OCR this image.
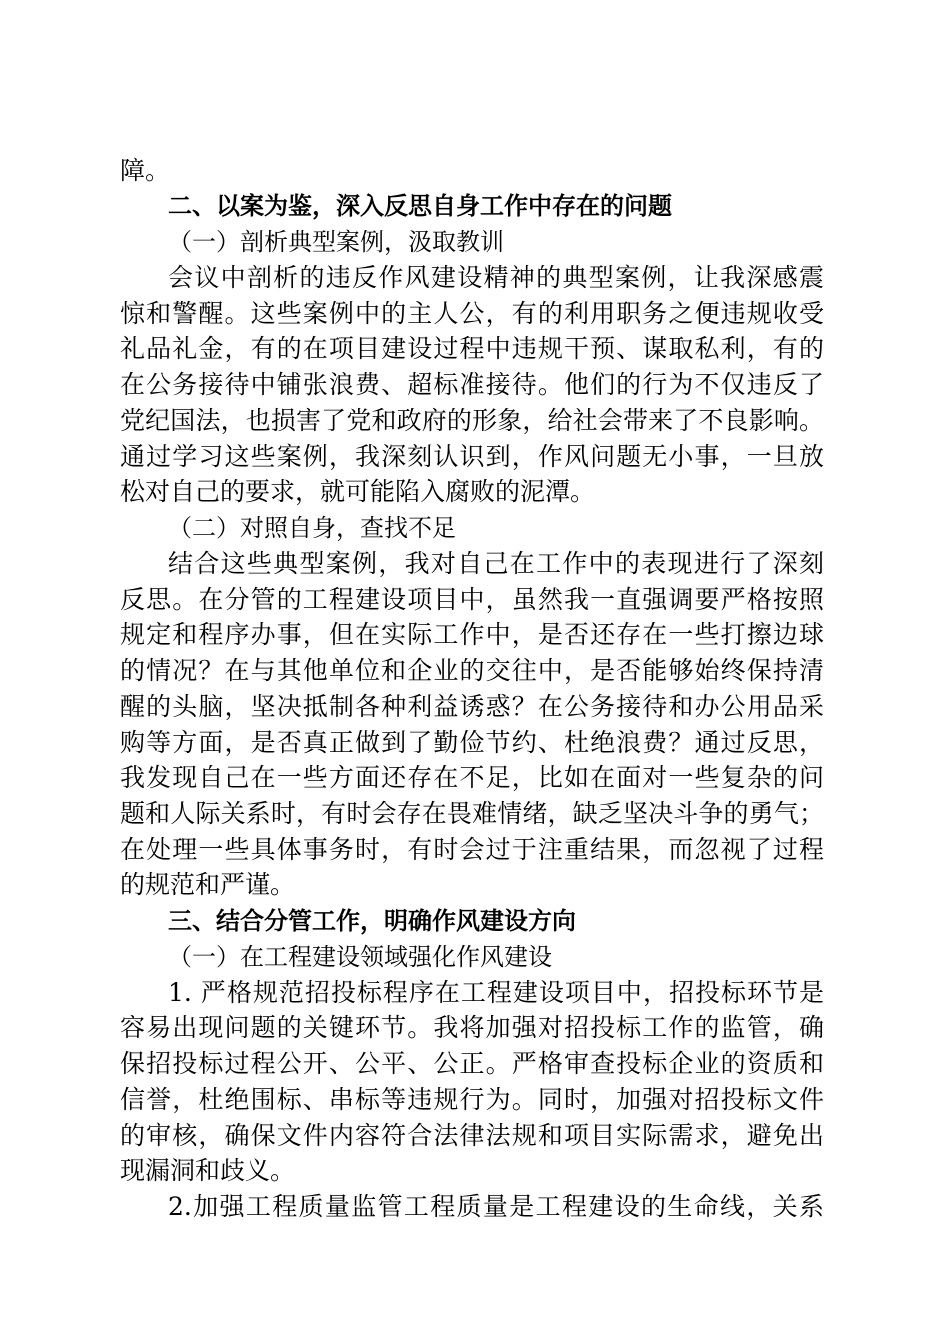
障。
二、以案为鉴，深入反思自身工作中存在的问题
（一）剖析典型案例，汲取教训
会议中剖析的违反作风建设精神的典型案例，让我深感震
惊和警醒。这些案例中的主人公，有的利用职务之便违规收受
礼品礼金，有的在项目建设过程中违规干预、谋取私利，有的
在公务接待中铺张浪费、超标准接待。他们的行为不仅违反了
党纪国法，也损害了党和政府的形象，给社会带来了不良影响。
通过学习这些案例，我深刻认识到，作风问题无小事，一旦放
松对自己的要求，就可能陷入腐败的泥潭。
（二）对照自身，查找不足
结合这些典型案例，我对自己在工作中的表现进行了深刻
反思。在分管的工程建设项目中，虽然我一直强调要严格按照
规定和程序办事，但在实际工作中，是否还存在一些打擦边球
的情况？在与其他单位和企业的交往中，是否能够始终保持清
醒的头脑，坚决抵制各种利益诱惑？在公务接待和办公用品采
购等方面，是否真正做到了勤俭节约、杜绝浪费？通过反思，
我发现自己在一些方面还存在不足，比如在面对一些复杂的问
题和人际关系时，有时会存在畏难情绪，缺乏坚决斗争的勇气；
在处理一些具体事务时，有时会过于注重结果，而忽视了过程
的规范和严谨。
三、结合分管工作，明确作风建设方向
（一）在工程建设领域强化作风建设
1. 严格规范招投标程序在工程建设项目中，招投标环节是
容易出现问题的关键环节。我将加强对招投标工作的监管，确
保招投标过程公开、公平、公正。严格审查投标企业的资质和
信誉，杜绝围标、串标等违规行为。同时，加强对招投标文件
的审核，确保文件内容符合法律法规和项目实际需求，避免出
现漏洞和歧义。
2.加强工程质量监管工程质量是工程建设的生命线，关系
